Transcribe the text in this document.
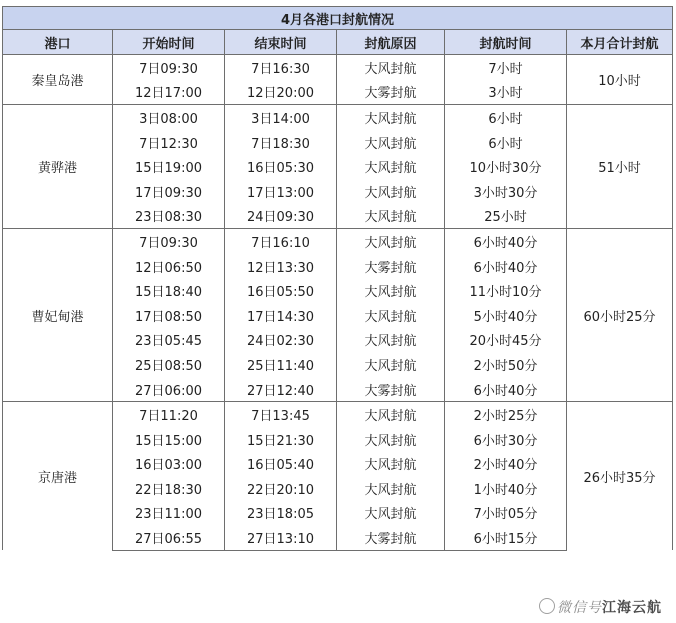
4月各港口封航情况					
港口	开始时间	结束时间	封航原因	封航时间	本月合计封航
秦皇岛港	7日09:30	7日16:30	大风封航	7小时	10小时
	12日17:00	12日20:00	大雾封航	3小时	
黄骅港	3日08:00	3日14:00	大风封航	6小时	51小时
	7日12:30	7日18:30	大风封航	6小时	
	15日19:00	16日05:30	大风封航	10小时30分	
	17日09:30	17日13:00	大风封航	3小时30分	
	23日08:30	24日09:30	大风封航	25小时	
曹妃甸港	7日09:30	7日16:10	大风封航	6小时40分	60小时25分
	12日06:50	12日13:30	大雾封航	6小时40分	
	15日18:40	16日05:50	大风封航	11小时10分	
	17日08:50	17日14:30	大风封航	5小时40分	
	23日05:45	24日02:30	大风封航	20小时45分	
	25日08:50	25日11:40	大风封航	2小时50分	
	27日06:00	27日12:40	大雾封航	6小时40分	
京唐港	7日11:20	7日13:45	大风封航	2小时25分	26小时35分
	15日15:00	15日21:30	大风封航	6小时30分	
	16日03:00	16日05:40	大风封航	2小时40分	
	22日18:30	22日20:10	大风封航	1小时40分	
	23日11:00	23日18:05	大风封航	7小时05分	
	27日06:55	27日13:10	大雾封航	6小时15分	
微信号江海云航
